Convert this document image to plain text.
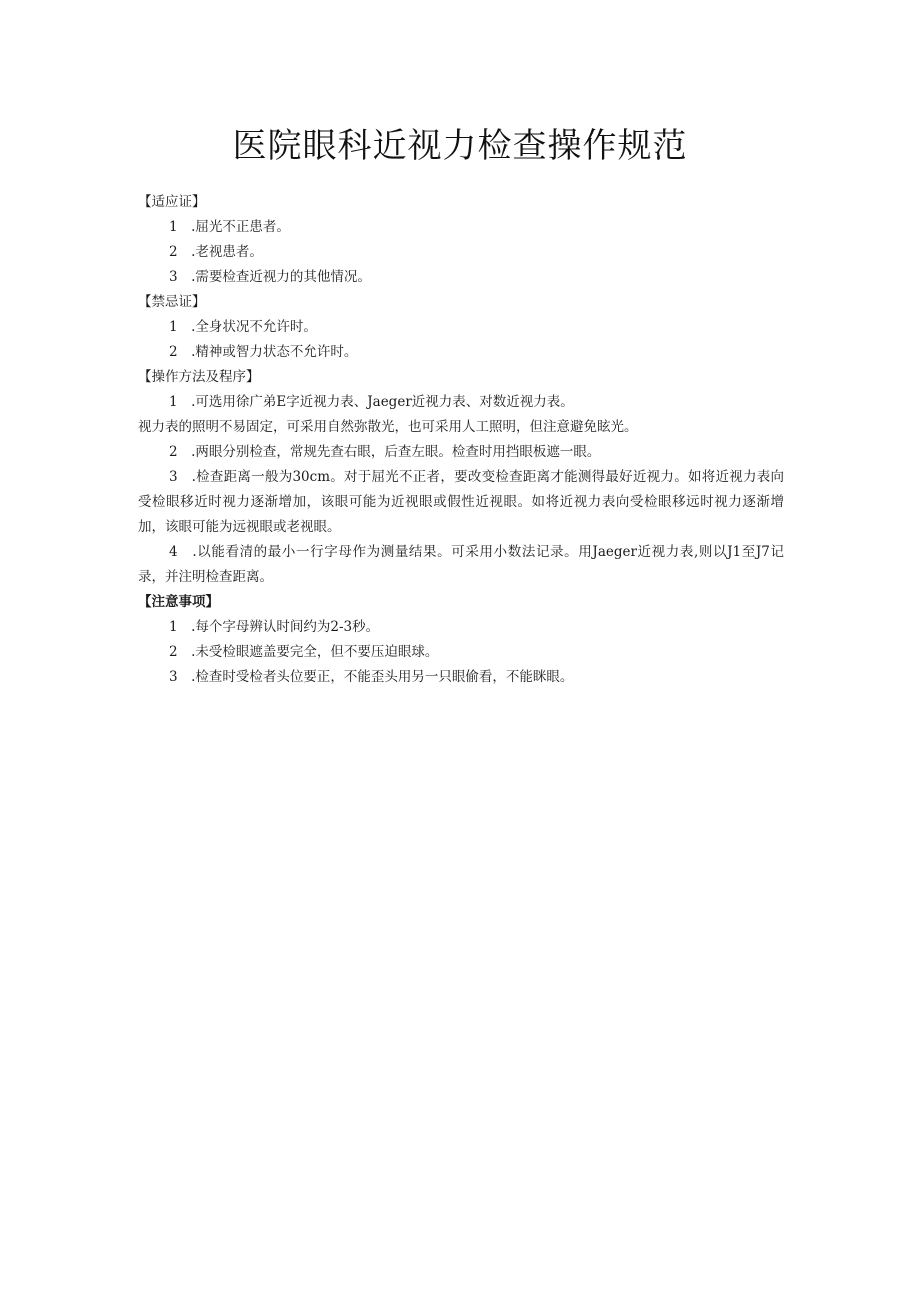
医院眼科近视力检查操作规范

【适应证】

1　.屈光不正患者。

2　.老视患者。

3　.需要检查近视力的其他情况。

【禁忌证】

1　.全身状况不允许时。

2　.精神或智力状态不允许时。

【操作方法及程序】

1　.可选用徐广弟E字近视力表、Jaeger近视力表、对数近视力表。

视力表的照明不易固定，可采用自然弥散光，也可采用人工照明，但注意避免眩光。

2　.两眼分别检查，常规先查右眼，后查左眼。检查时用挡眼板遮一眼。

3　.检查距离一般为30cm。对于屈光不正者，要改变检查距离才能测得最好近视力。如将近视力表向受检眼移近时视力逐渐增加，该眼可能为近视眼或假性近视眼。如将近视力表向受检眼移远时视力逐渐增加，该眼可能为远视眼或老视眼。

4　.以能看清的最小一行字母作为测量结果。可采用小数法记录。用Jaeger近视力表,则以J1至J7记录，并注明检查距离。

【注意事项】

1　.每个字母辨认时间约为2-3秒。

2　.未受检眼遮盖要完全，但不要压迫眼球。

3　.检查时受检者头位要正，不能歪头用另一只眼偷看，不能眯眼。
